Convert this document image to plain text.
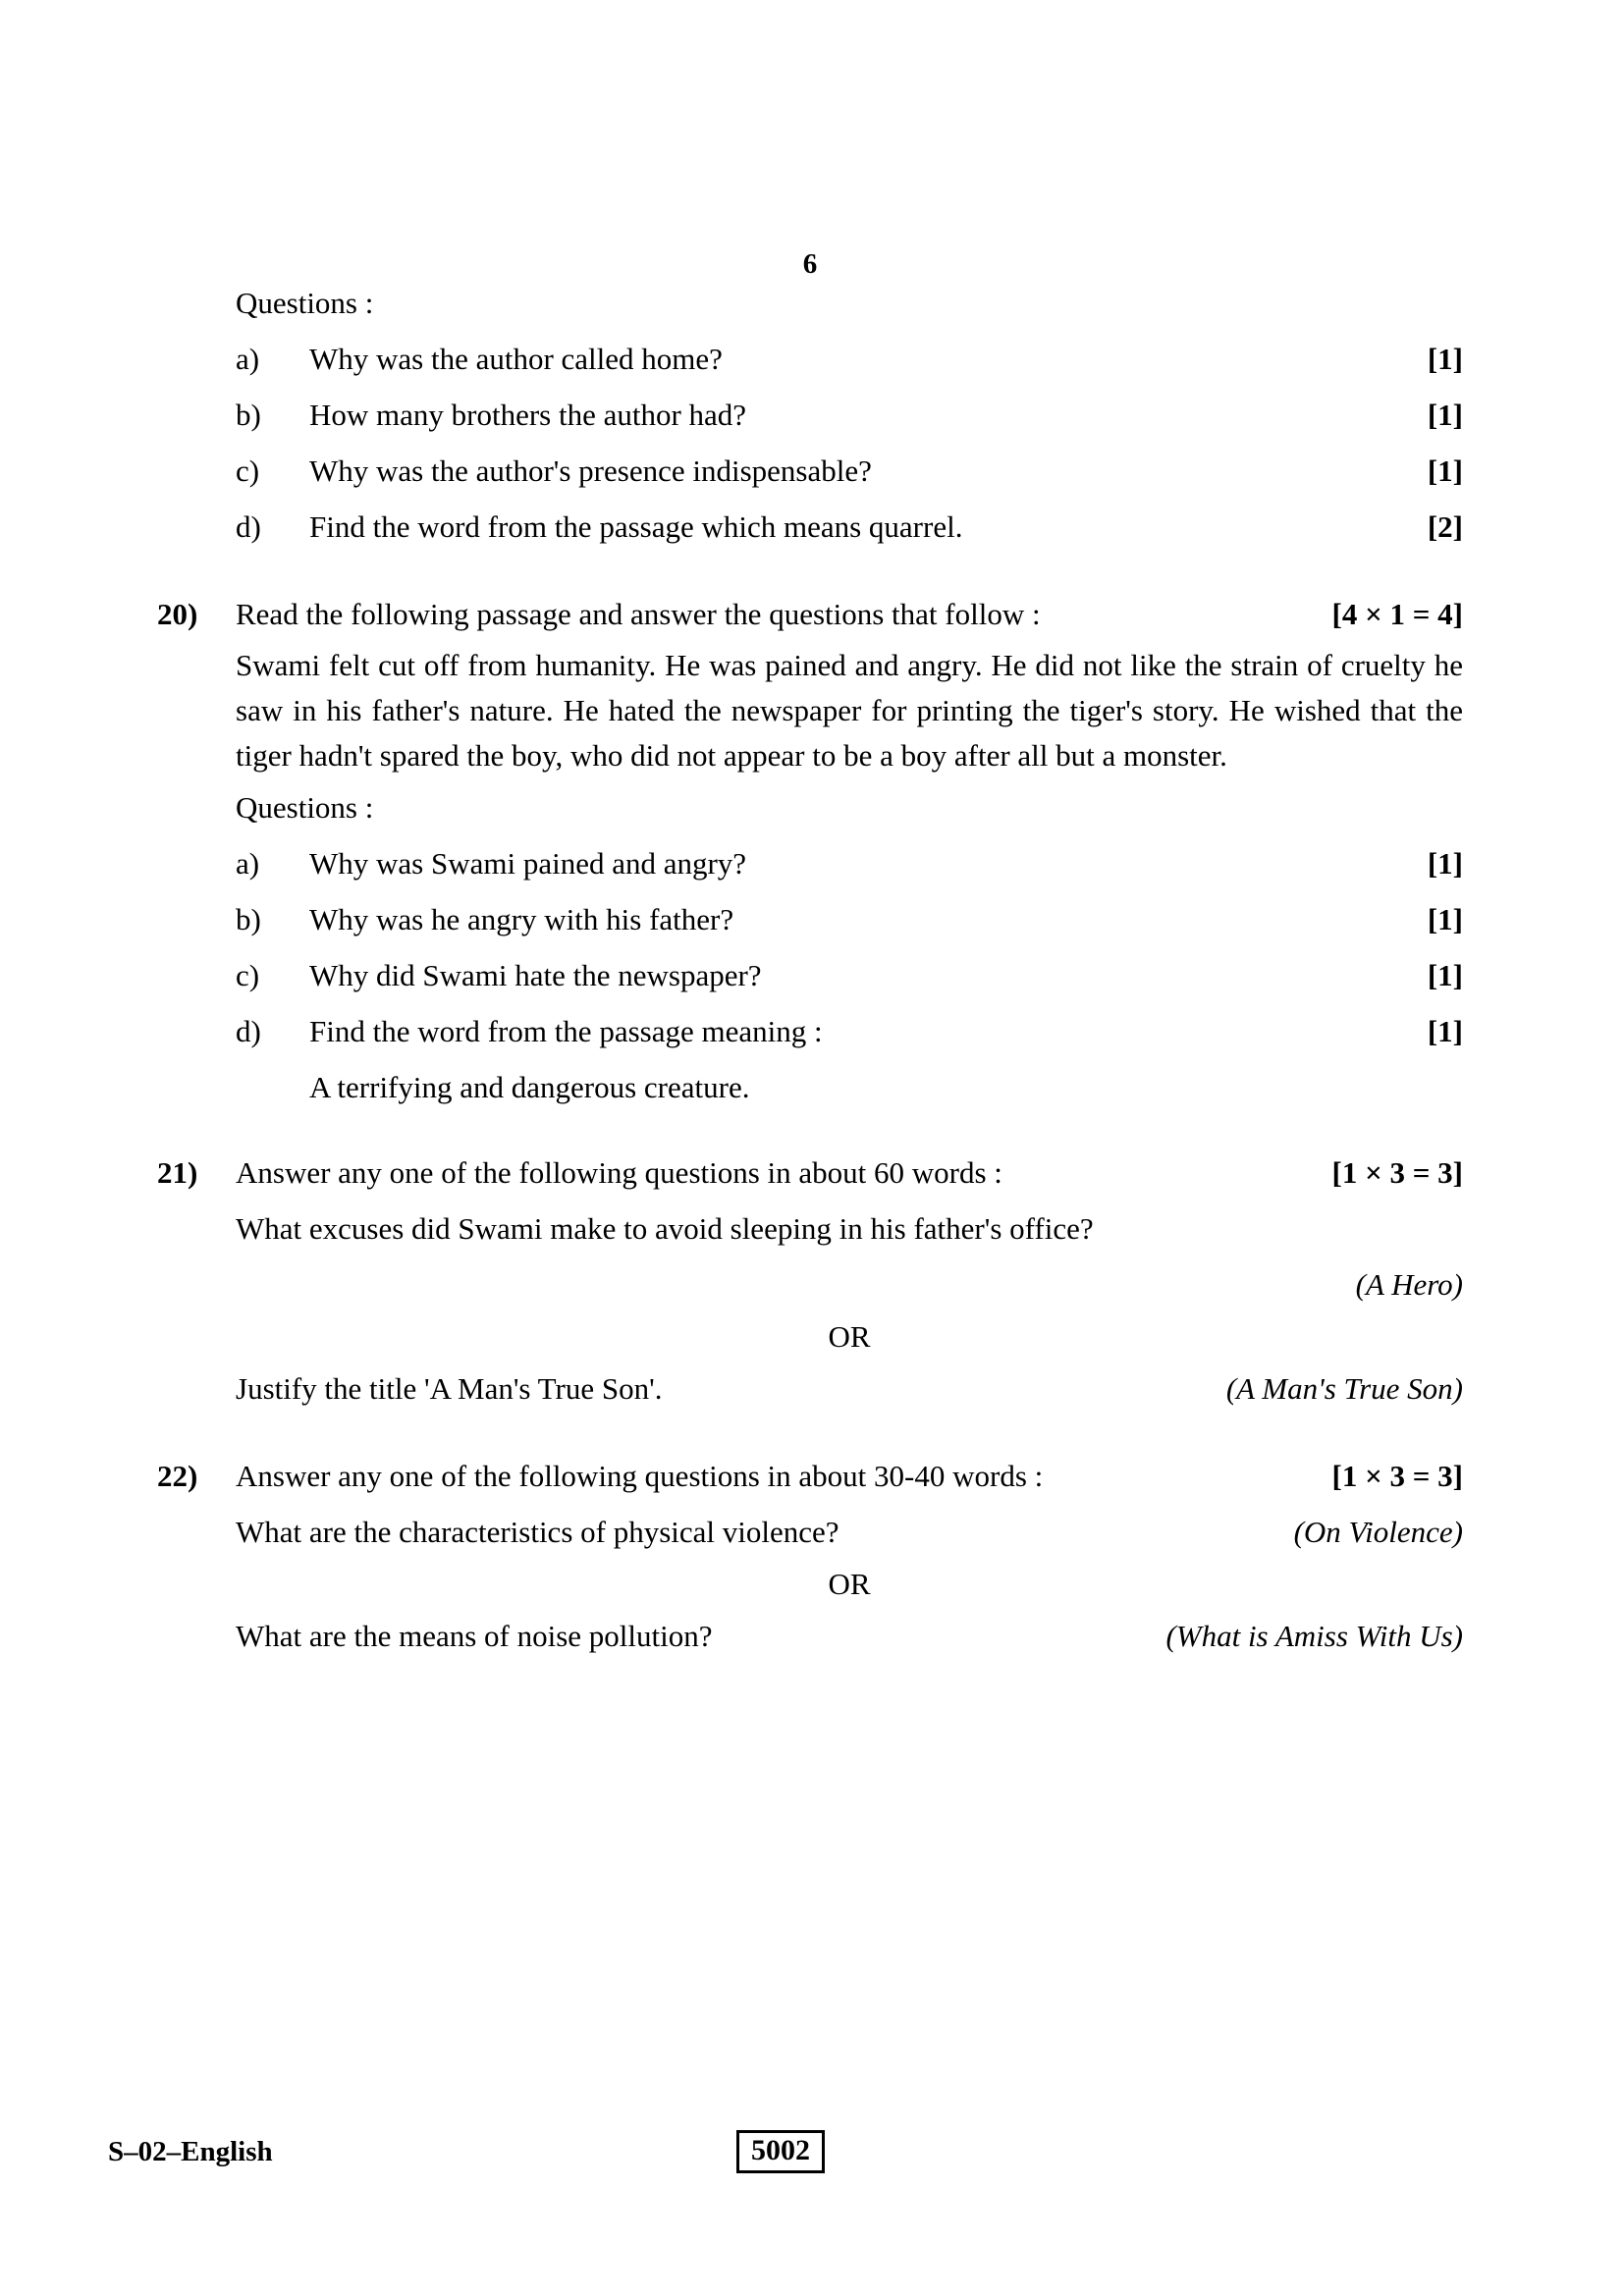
6
Questions :
a)	Why was the author called home?	[1]
b)	How many brothers the author had?	[1]
c)	Why was the author's presence indispensable?	[1]
d)	Find the word from the passage which means quarrel.	[2]
20)	Read the following passage and answer the questions that follow :	[4 × 1 = 4]
Swami felt cut off from humanity. He was pained and angry. He did not like the strain of cruelty he saw in his father's nature. He hated the newspaper for printing the tiger's story. He wished that the tiger hadn't spared the boy, who did not appear to be a boy after all but a monster.
Questions :
a)	Why was Swami pained and angry?	[1]
b)	Why was he angry with his father?	[1]
c)	Why did Swami hate the newspaper?	[1]
d)	Find the word from the passage meaning :	[1]
A terrifying and dangerous creature.
21)	Answer any one of the following questions in about 60 words :	[1 × 3 = 3]
What excuses did Swami make to avoid sleeping in his father's office?
(A Hero)
OR
Justify the title 'A Man's True Son'.	(A Man's True Son)
22)	Answer any one of the following questions in about 30-40 words :	[1 × 3 = 3]
What are the characteristics of physical violence?	(On Violence)
OR
What are the means of noise pollution?	(What is Amiss With Us)
S–02–English	5002
